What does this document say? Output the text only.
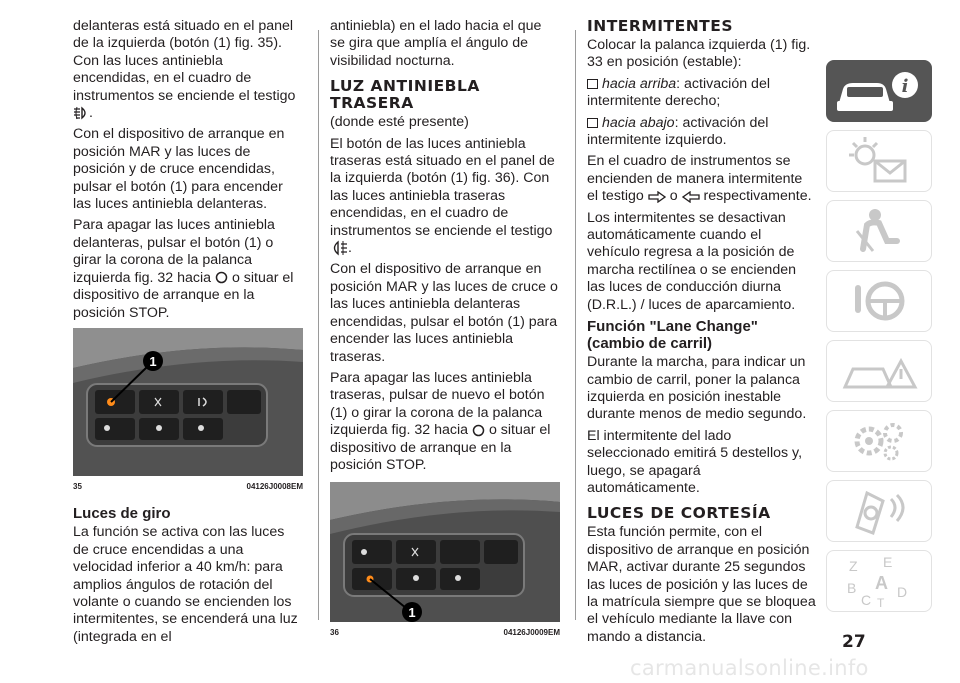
delanteras está situado en el panel de la izquierda (botón (1) fig. 35). Con las luces antiniebla encendidas, en el cuadro de instrumentos se enciende el testigo .

Con el dispositivo de arranque en posición MAR y las luces de posición y de cruce encendidas, pulsar el botón (1) para encender las luces antiniebla delanteras.

Para apagar las luces antiniebla delanteras, pulsar el botón (1) o girar la corona de la palanca izquierda fig. 32 hacia o situar el dispositivo de arranque en la posición STOP.

1
35	04126J0008EM
Luces de giro

La función se activa con las luces de cruce encendidas a una velocidad inferior a 40 km/h: para amplios ángulos de rotación del volante o cuando se encienden los intermitentes, se encenderá una luz (integrada en el

antiniebla) en el lado hacia el que se gira que amplía el ángulo de visibilidad nocturna.

LUZ ANTINIEBLA TRASERA

(donde esté presente)

El botón de las luces antiniebla traseras está situado en el panel de la izquierda (botón (1) fig. 36). Con las luces antiniebla traseras encendidas, en el cuadro de instrumentos se enciende el testigo .

Con el dispositivo de arranque en posición MAR y las luces de cruce o las luces antiniebla delanteras encendidas, pulsar el botón (1) para encender las luces antiniebla traseras.

Para apagar las luces antiniebla traseras, pulsar de nuevo el botón (1) o girar la corona de la palanca izquierda fig. 32 hacia o situar el dispositivo de arranque en la posición STOP.

1
36	04126J0009EM
INTERMITENTES

Colocar la palanca izquierda (1) fig. 33 en posición (estable):

hacia arriba: activación del intermitente derecho;

hacia abajo: activación del intermitente izquierdo.

En el cuadro de instrumentos se encienden de manera intermitente el testigo o respectivamente.

Los intermitentes se desactivan automáticamente cuando el vehículo regresa a la posición de marcha rectilínea o se encienden las luces de conducción diurna (D.R.L.) / luces de aparcamiento.

Función "Lane Change" (cambio de carril)

Durante la marcha, para indicar un cambio de carril, poner la palanca izquierda en posición inestable durante menos de medio segundo.

El intermitente del lado seleccionado emitirá 5 destellos y, luego, se apagará automáticamente.

LUCES DE CORTESÍA

Esta función permite, con el dispositivo de arranque en posición MAR, activar durante 25 segundos las luces de posición y las luces de la matrícula siempre que se bloquea el vehículo mediante la llave con mando a distancia.

i
Z E
B A
C T
D
27
carmanualsonline.info
